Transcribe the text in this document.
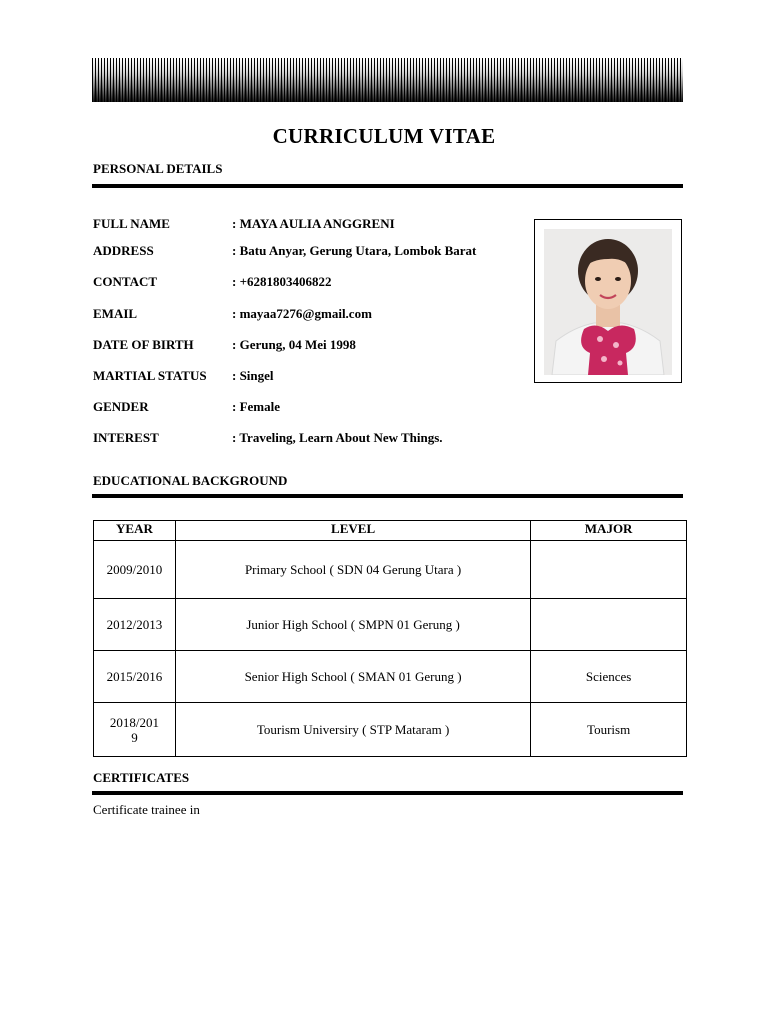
CURRICULUM VITAE
PERSONAL DETAILS
FULL NAME	: MAYA AULIA ANGGRENI
ADDRESS	: Batu Anyar, Gerung Utara, Lombok Barat
CONTACT	: +6281803406822
EMAIL	: mayaa7276@gmail.com
DATE OF BIRTH	: Gerung, 04 Mei 1998
MARTIAL STATUS : Singel
GENDER	: Female
INTEREST	: Traveling, Learn About New Things.
EDUCATIONAL BACKGROUND
YEAR	LEVEL	MAJOR
2009/2010	Primary School ( SDN 04 Gerung Utara )	
2012/2013	Junior High School ( SMPN 01 Gerung )	
2015/2016	Senior High School ( SMAN 01 Gerung )	Sciences
2018/2019	Tourism Universiry ( STP Mataram )	Tourism
CERTIFICATES
Certificate trainee in
